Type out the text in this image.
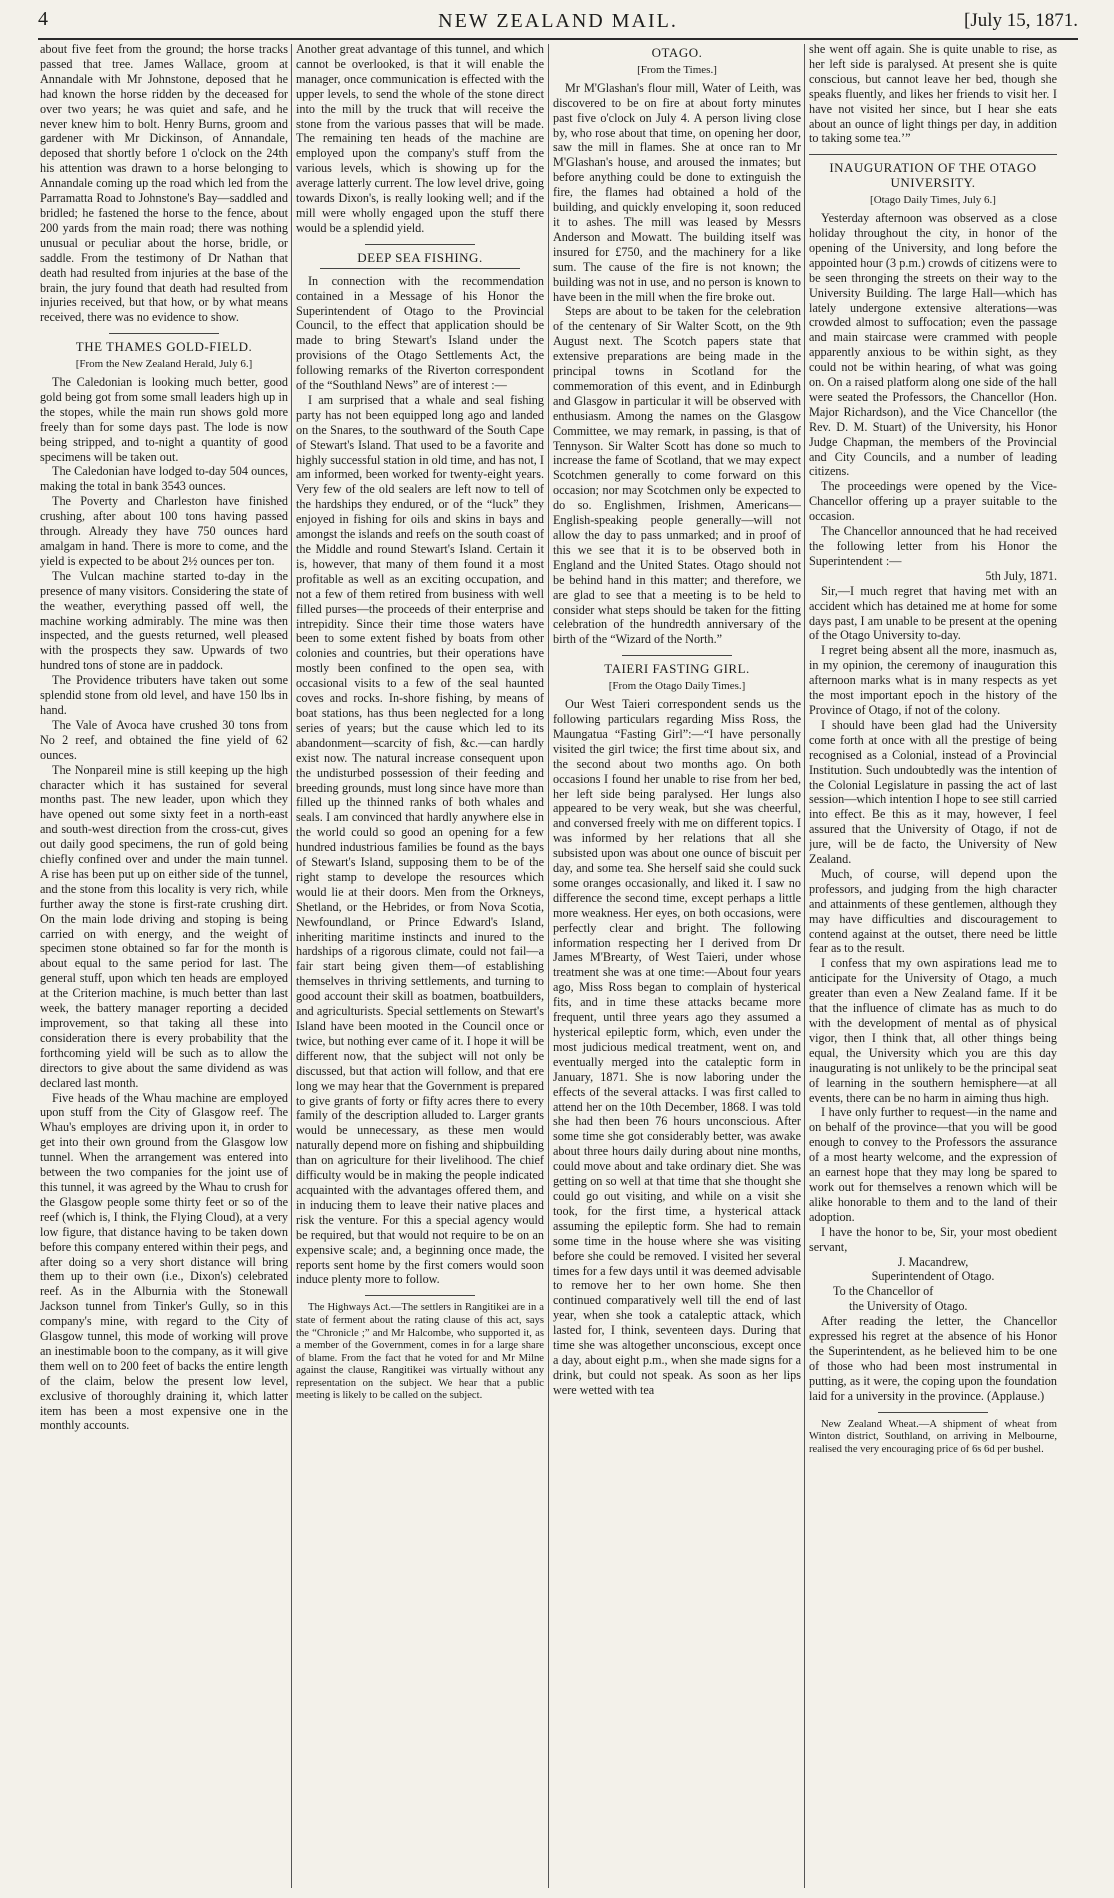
4	NEW ZEALAND MAIL.	[July 15, 1871.

about five feet from the ground; the horse tracks passed that tree. James Wallace, groom at Annandale with Mr Johnstone, deposed that he had known the horse ridden by the deceased for over two years; he was quiet and safe, and he never knew him to bolt. Henry Burns, groom and gardener with Mr Dickinson, of Annandale, deposed that shortly before 1 o'clock on the 24th his attention was drawn to a horse belonging to Annandale coming up the road which led from the Parramatta Road to Johnstone's Bay—saddled and bridled; he fastened the horse to the fence, about 200 yards from the main road; there was nothing unusual or peculiar about the horse, bridle, or saddle. From the testimony of Dr Nathan that death had resulted from injuries at the base of the brain, the jury found that death had resulted from injuries received, but that how, or by what means received, there was no evidence to show.

THE THAMES GOLD-FIELD.
[From the New Zealand Herald, July 6.]

The Caledonian is looking much better, good gold being got from some small leaders high up in the stopes, while the main run shows gold more freely than for some days past. The lode is now being stripped, and to-night a quantity of good specimens will be taken out.

The Caledonian have lodged to-day 504 ounces, making the total in bank 3543 ounces.

The Poverty and Charleston have finished crushing, after about 100 tons having passed through. Already they have 750 ounces hard amalgam in hand. There is more to come, and the yield is expected to be about 2½ ounces per ton.

The Vulcan machine started to-day in the presence of many visitors. Considering the state of the weather, everything passed off well, the machine working admirably. The mine was then inspected, and the guests returned, well pleased with the prospects they saw. Upwards of two hundred tons of stone are in paddock.

The Providence tributers have taken out some splendid stone from old level, and have 150 lbs in hand.

The Vale of Avoca have crushed 30 tons from No 2 reef, and obtained the fine yield of 62 ounces.

The Nonpareil mine is still keeping up the high character which it has sustained for several months past. The new leader, upon which they have opened out some sixty feet in a north-east and south-west direction from the cross-cut, gives out daily good specimens, the run of gold being chiefly confined over and under the main tunnel. A rise has been put up on either side of the tunnel, and the stone from this locality is very rich, while further away the stone is first-rate crushing dirt. On the main lode driving and stoping is being carried on with energy, and the weight of specimen stone obtained so far for the month is about equal to the same period for last. The general stuff, upon which ten heads are employed at the Criterion machine, is much better than last week, the battery manager reporting a decided improvement, so that taking all these into consideration there is every probability that the forthcoming yield will be such as to allow the directors to give about the same dividend as was declared last month.

Five heads of the Whau machine are employed upon stuff from the City of Glasgow reef. The Whau's employes are driving upon it, in order to get into their own ground from the Glasgow low tunnel. When the arrangement was entered into between the two companies for the joint use of this tunnel, it was agreed by the Whau to crush for the Glasgow people some thirty feet or so of the reef (which is, I think, the Flying Cloud), at a very low figure, that distance having to be taken down before this company entered within their pegs, and after doing so a very short distance will bring them up to their own (i.e., Dixon's) celebrated reef. As in the Alburnia with the Stonewall Jackson tunnel from Tinker's Gully, so in this company's mine, with regard to the City of Glasgow tunnel, this mode of working will prove an inestimable boon to the company, as it will give them well on to 200 feet of backs the entire length of the claim, below the present low level, exclusive of thoroughly draining it, which latter item has been a most expensive one in the monthly accounts.

Another great advantage of this tunnel, and which cannot be overlooked, is that it will enable the manager, once communication is effected with the upper levels, to send the whole of the stone direct into the mill by the truck that will receive the stone from the various passes that will be made. The remaining ten heads of the machine are employed upon the company's stuff from the various levels, which is showing up for the average latterly current. The low level drive, going towards Dixon's, is really looking well; and if the mill were wholly engaged upon the stuff there would be a splendid yield.

DEEP SEA FISHING.

In connection with the recommendation contained in a Message of his Honor the Superintendent of Otago to the Provincial Council, to the effect that application should be made to bring Stewart's Island under the provisions of the Otago Settlements Act, the following remarks of the Riverton correspondent of the “Southland News” are of interest :—

I am surprised that a whale and seal fishing party has not been equipped long ago and landed on the Snares, to the southward of the South Cape of Stewart's Island. That used to be a favorite and highly successful station in old time, and has not, I am informed, been worked for twenty-eight years. Very few of the old sealers are left now to tell of the hardships they endured, or of the “luck” they enjoyed in fishing for oils and skins in bays and amongst the islands and reefs on the south coast of the Middle and round Stewart's Island. Certain it is, however, that many of them found it a most profitable as well as an exciting occupation, and not a few of them retired from business with well filled purses—the proceeds of their enterprise and intrepidity. Since their time those waters have been to some extent fished by boats from other colonies and countries, but their operations have mostly been confined to the open sea, with occasional visits to a few of the seal haunted coves and rocks. In-shore fishing, by means of boat stations, has thus been neglected for a long series of years; but the cause which led to its abandonment—scarcity of fish, &c.—can hardly exist now. The natural increase consequent upon the undisturbed possession of their feeding and breeding grounds, must long since have more than filled up the thinned ranks of both whales and seals. I am convinced that hardly anywhere else in the world could so good an opening for a few hundred industrious families be found as the bays of Stewart's Island, supposing them to be of the right stamp to develope the resources which would lie at their doors. Men from the Orkneys, Shetland, or the Hebrides, or from Nova Scotia, Newfoundland, or Prince Edward's Island, inheriting maritime instincts and inured to the hardships of a rigorous climate, could not fail—a fair start being given them—of establishing themselves in thriving settlements, and turning to good account their skill as boatmen, boatbuilders, and agriculturists. Special settlements on Stewart's Island have been mooted in the Council once or twice, but nothing ever came of it. I hope it will be different now, that the subject will not only be discussed, but that action will follow, and that ere long we may hear that the Government is prepared to give grants of forty or fifty acres there to every family of the description alluded to. Larger grants would be unnecessary, as these men would naturally depend more on fishing and shipbuilding than on agriculture for their livelihood. The chief difficulty would be in making the people indicated acquainted with the advantages offered them, and in inducing them to leave their native places and risk the venture. For this a special agency would be required, but that would not require to be on an expensive scale; and, a beginning once made, the reports sent home by the first comers would soon induce plenty more to follow.

The Highways Act.—The settlers in Rangitikei are in a state of ferment about the rating clause of this act, says the “Chronicle ;” and Mr Halcombe, who supported it, as a member of the Government, comes in for a large share of blame. From the fact that he voted for and Mr Milne against the clause, Rangitikei was virtually without any representation on the subject. We hear that a public meeting is likely to be called on the subject.

OTAGO.
[From the Times.]

Mr M'Glashan's flour mill, Water of Leith, was discovered to be on fire at about forty minutes past five o'clock on July 4. A person living close by, who rose about that time, on opening her door, saw the mill in flames. She at once ran to Mr M'Glashan's house, and aroused the inmates; but before anything could be done to extinguish the fire, the flames had obtained a hold of the building, and quickly enveloping it, soon reduced it to ashes. The mill was leased by Messrs Anderson and Mowatt. The building itself was insured for £750, and the machinery for a like sum. The cause of the fire is not known; the building was not in use, and no person is known to have been in the mill when the fire broke out.

Steps are about to be taken for the celebration of the centenary of Sir Walter Scott, on the 9th August next. The Scotch papers state that extensive preparations are being made in the principal towns in Scotland for the commemoration of this event, and in Edinburgh and Glasgow in particular it will be observed with enthusiasm. Among the names on the Glasgow Committee, we may remark, in passing, is that of Tennyson. Sir Walter Scott has done so much to increase the fame of Scotland, that we may expect Scotchmen generally to come forward on this occasion; nor may Scotchmen only be expected to do so. Englishmen, Irishmen, Americans—English-speaking people generally—will not allow the day to pass unmarked; and in proof of this we see that it is to be observed both in England and the United States. Otago should not be behind hand in this matter; and therefore, we are glad to see that a meeting is to be held to consider what steps should be taken for the fitting celebration of the hundredth anniversary of the birth of the “Wizard of the North.”

TAIERI FASTING GIRL.
[From the Otago Daily Times.]

Our West Taieri correspondent sends us the following particulars regarding Miss Ross, the Maungatua “Fasting Girl”:—“I have personally visited the girl twice; the first time about six, and the second about two months ago. On both occasions I found her unable to rise from her bed, her left side being paralysed. Her lungs also appeared to be very weak, but she was cheerful, and conversed freely with me on different topics. I was informed by her relations that all she subsisted upon was about one ounce of biscuit per day, and some tea. She herself said she could suck some oranges occasionally, and liked it. I saw no difference the second time, except perhaps a little more weakness. Her eyes, on both occasions, were perfectly clear and bright. The following information respecting her I derived from Dr James M'Brearty, of West Taieri, under whose treatment she was at one time:—About four years ago, Miss Ross began to complain of hysterical fits, and in time these attacks became more frequent, until three years ago they assumed a hysterical epileptic form, which, even under the most judicious medical treatment, went on, and eventually merged into the cataleptic form in January, 1871. She is now laboring under the effects of the several attacks. I was first called to attend her on the 10th December, 1868. I was told she had then been 76 hours unconscious. After some time she got considerably better, was awake about three hours daily during about nine months, could move about and take ordinary diet. She was getting on so well at that time that she thought she could go out visiting, and while on a visit she took, for the first time, a hysterical attack assuming the epileptic form. She had to remain some time in the house where she was visiting before she could be removed. I visited her several times for a few days until it was deemed advisable to remove her to her own home. She then continued comparatively well till the end of last year, when she took a cataleptic attack, which lasted for, I think, seventeen days. During that time she was altogether unconscious, except once a day, about eight p.m., when she made signs for a drink, but could not speak. As soon as her lips were wetted with tea

she went off again. She is quite unable to rise, as her left side is paralysed. At present she is quite conscious, but cannot leave her bed, though she speaks fluently, and likes her friends to visit her. I have not visited her since, but I hear she eats about an ounce of light things per day, in addition to taking some tea.’”

INAUGURATION OF THE OTAGO UNIVERSITY.
[Otago Daily Times, July 6.]

Yesterday afternoon was observed as a close holiday throughout the city, in honor of the opening of the University, and long before the appointed hour (3 p.m.) crowds of citizens were to be seen thronging the streets on their way to the University Building. The large Hall—which has lately undergone extensive alterations—was crowded almost to suffocation; even the passage and main staircase were crammed with people apparently anxious to be within sight, as they could not be within hearing, of what was going on. On a raised platform along one side of the hall were seated the Professors, the Chancellor (Hon. Major Richardson), and the Vice Chancellor (the Rev. D. M. Stuart) of the University, his Honor Judge Chapman, the members of the Provincial and City Councils, and a number of leading citizens.

The proceedings were opened by the Vice-Chancellor offering up a prayer suitable to the occasion.

The Chancellor announced that he had received the following letter from his Honor the Superintendent :—

5th July, 1871.

Sir,—I much regret that having met with an accident which has detained me at home for some days past, I am unable to be present at the opening of the Otago University to-day.

I regret being absent all the more, inasmuch as, in my opinion, the ceremony of inauguration this afternoon marks what is in many respects as yet the most important epoch in the history of the Province of Otago, if not of the colony.

I should have been glad had the University come forth at once with all the prestige of being recognised as a Colonial, instead of a Provincial Institution. Such undoubtedly was the intention of the Colonial Legislature in passing the act of last session—which intention I hope to see still carried into effect. Be this as it may, however, I feel assured that the University of Otago, if not de jure, will be de facto, the University of New Zealand.

Much, of course, will depend upon the professors, and judging from the high character and attainments of these gentlemen, although they may have difficulties and discouragement to contend against at the outset, there need be little fear as to the result.

I confess that my own aspirations lead me to anticipate for the University of Otago, a much greater than even a New Zealand fame. If it be that the influence of climate has as much to do with the development of mental as of physical vigor, then I think that, all other things being equal, the University which you are this day inaugurating is not unlikely to be the principal seat of learning in the southern hemisphere—at all events, there can be no harm in aiming thus high.

I have only further to request—in the name and on behalf of the province—that you will be good enough to convey to the Professors the assurance of a most hearty welcome, and the expression of an earnest hope that they may long be spared to work out for themselves a renown which will be alike honorable to them and to the land of their adoption.

I have the honor to be, Sir, your most obedient servant,

J. Macandrew,

Superintendent of Otago.

To the Chancellor of

the University of Otago.

After reading the letter, the Chancellor expressed his regret at the absence of his Honor the Superintendent, as he believed him to be one of those who had been most instrumental in putting, as it were, the coping upon the foundation laid for a university in the province. (Applause.)

New Zealand Wheat.—A shipment of wheat from Winton district, Southland, on arriving in Melbourne, realised the very encouraging price of 6s 6d per bushel.
